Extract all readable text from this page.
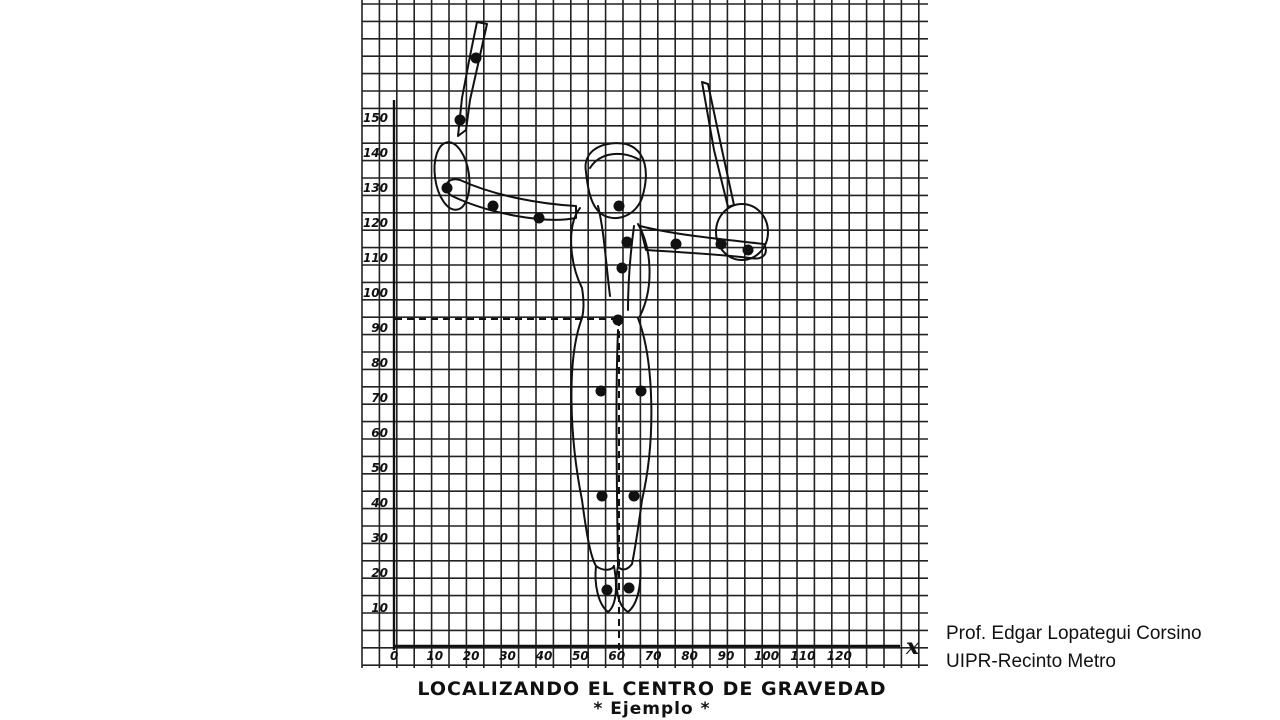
150
140
130
120
110
100
90
80
70
60
50
40
30
20
10
0 10 20 30 40 50 60 70 80 90 100 110 120 x
LOCALIZANDO EL CENTRO DE GRAVEDAD
* Ejemplo *
Prof. Edgar Lopategui Corsino
UIPR-Recinto Metro
